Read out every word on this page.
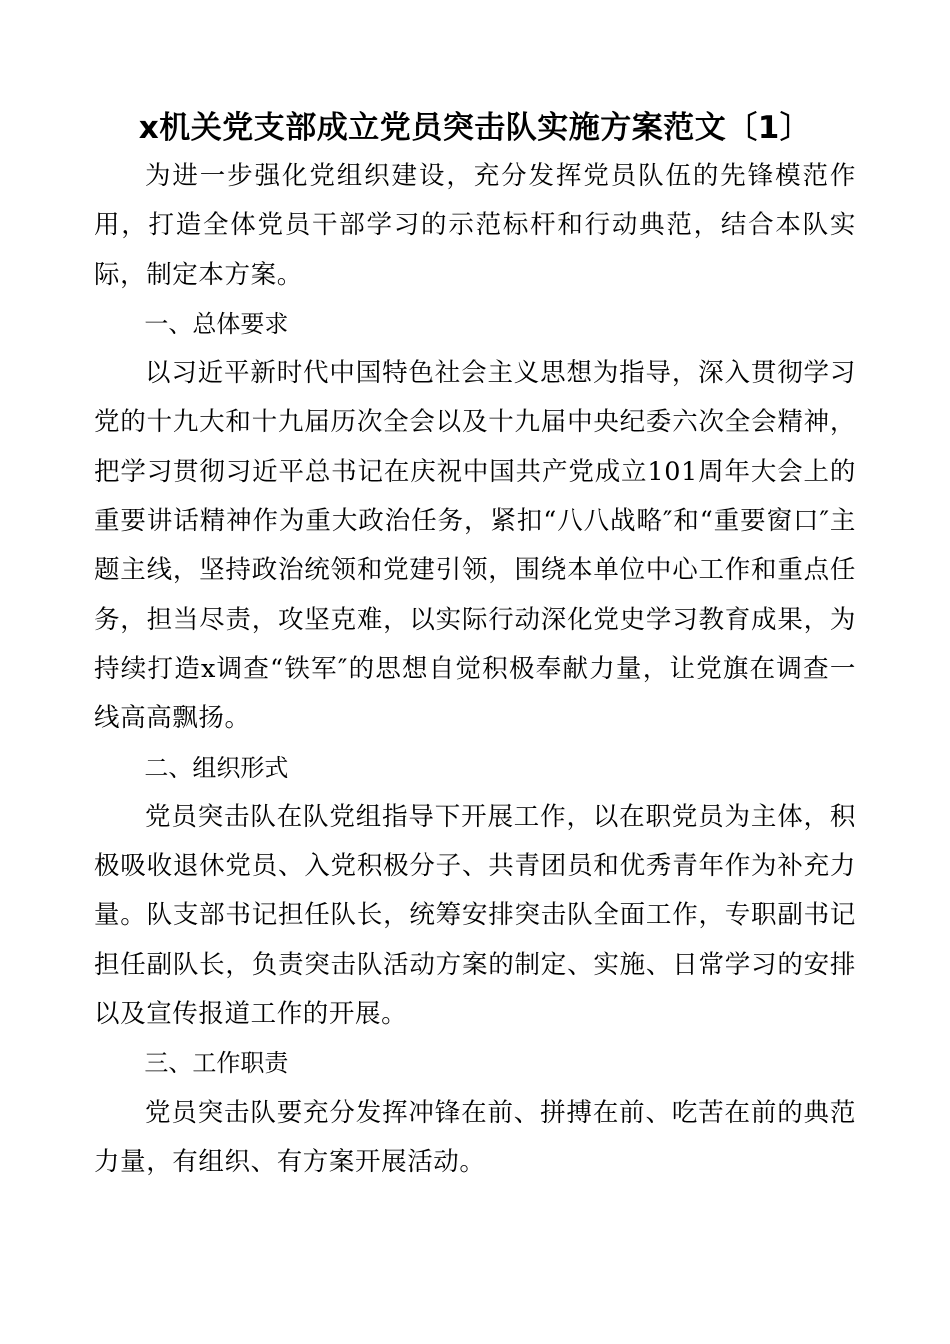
x机关党支部成立党员突击队实施方案范文〔1〕

为进一步强化党组织建设，充分发挥党员队伍的先锋模范作用，打造全体党员干部学习的示范标杆和行动典范，结合本队实际，制定本方案。

一、总体要求

以习近平新时代中国特色社会主义思想为指导，深入贯彻学习党的十九大和十九届历次全会以及十九届中央纪委六次全会精神，把学习贯彻习近平总书记在庆祝中国共产党成立101周年大会上的重要讲话精神作为重大政治任务，紧扣“八八战略″和“重要窗口″主题主线，坚持政治统领和党建引领，围绕本单位中心工作和重点任务，担当尽责，攻坚克难，以实际行动深化党史学习教育成果，为持续打造x调查“铁军″的思想自觉积极奉献力量，让党旗在调查一线高高飘扬。

二、组织形式

党员突击队在队党组指导下开展工作，以在职党员为主体，积极吸收退休党员、入党积极分子、共青团员和优秀青年作为补充力量。队支部书记担任队长，统筹安排突击队全面工作，专职副书记担任副队长，负责突击队活动方案的制定、实施、日常学习的安排以及宣传报道工作的开展。

三、工作职责

党员突击队要充分发挥冲锋在前、拼搏在前、吃苦在前的典范力量，有组织、有方案开展活动。
